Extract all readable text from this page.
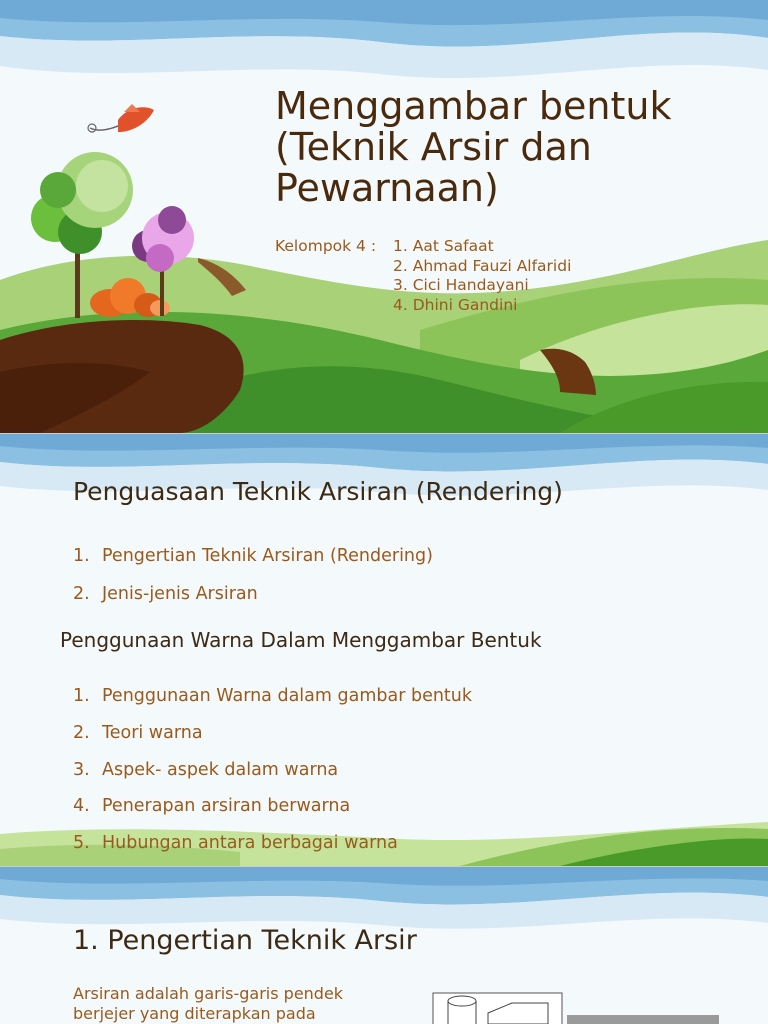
Menggambar bentuk (Teknik Arsir dan Pewarnaan)
Kelompok 4 : 1. Aat Safaat
2. Ahmad Fauzi Alfaridi
3. Cici Handayani
4. Dhini Gandini
Penguasaan Teknik Arsiran (Rendering)
1. Pengertian Teknik Arsiran (Rendering)
2. Jenis-jenis Arsiran
Penggunaan Warna Dalam Menggambar Bentuk
1. Penggunaan Warna dalam gambar bentuk
2. Teori warna
3. Aspek- aspek dalam warna
4. Penerapan arsiran berwarna
5. Hubungan antara berbagai warna
1. Pengertian Teknik Arsir
Arsiran adalah garis-garis pendek berjejer yang diterapkan pada
